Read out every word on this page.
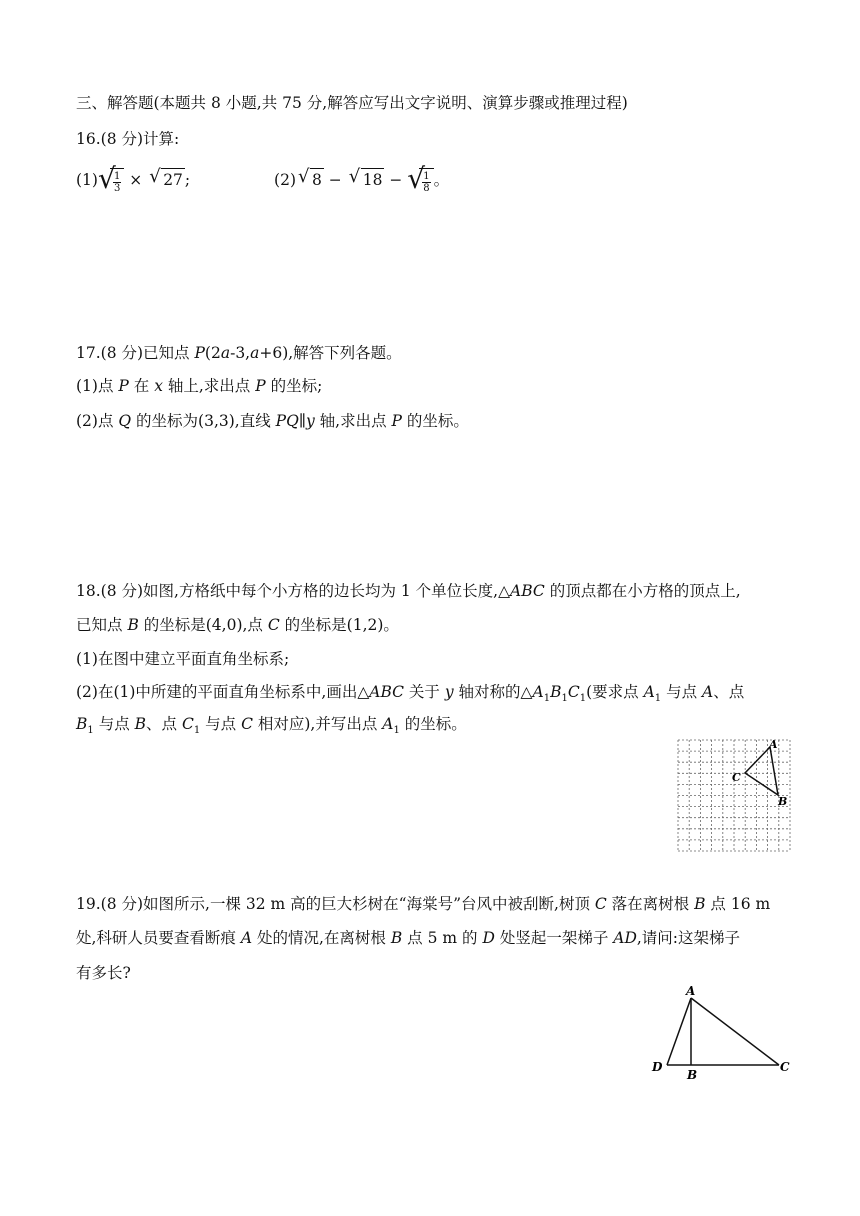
三、解答题(本题共 8 小题,共 75 分,解答应写出文字说明、演算步骤或推理过程)
16.(8 分)计算:
(1) √
$\frac{1}{3}$ × √ 27 ;	(2) √ 8 − √ 18 − √
$\frac{1}{8}$ 。
17.(8 分)已知点 P(2a-3,a+6),解答下列各题。
(1)点 P 在 x 轴上,求出点 P 的坐标;
(2)点 Q 的坐标为(3,3),直线 PQ∥y 轴,求出点 P 的坐标。
18.(8 分)如图,方格纸中每个小方格的边长均为 1 个单位长度,△ABC 的顶点都在小方格的顶点上,
已知点 B 的坐标是(4,0),点 C 的坐标是(1,2)。
(1)在图中建立平面直角坐标系;
(2)在(1)中所建的平面直角坐标系中,画出△ABC 关于 y 轴对称的$\triangle A_1B_1C_1$(要求点 $A_1$ 与点 A、点
$B_1$ 与点 B、点 $C_1$ 与点 C 相对应),并写出点 $A_1$ 的坐标。
A
C
B
19.(8 分)如图所示,一棵 32 m 高的巨大杉树在“海棠号”台风中被刮断,树顶 C 落在离树根 B 点 16 m
处,科研人员要查看断痕 A 处的情况,在离树根 B 点 5 m 的 D 处竖起一架梯子 AD,请问:这架梯子
有多长?
A
D
B
C
